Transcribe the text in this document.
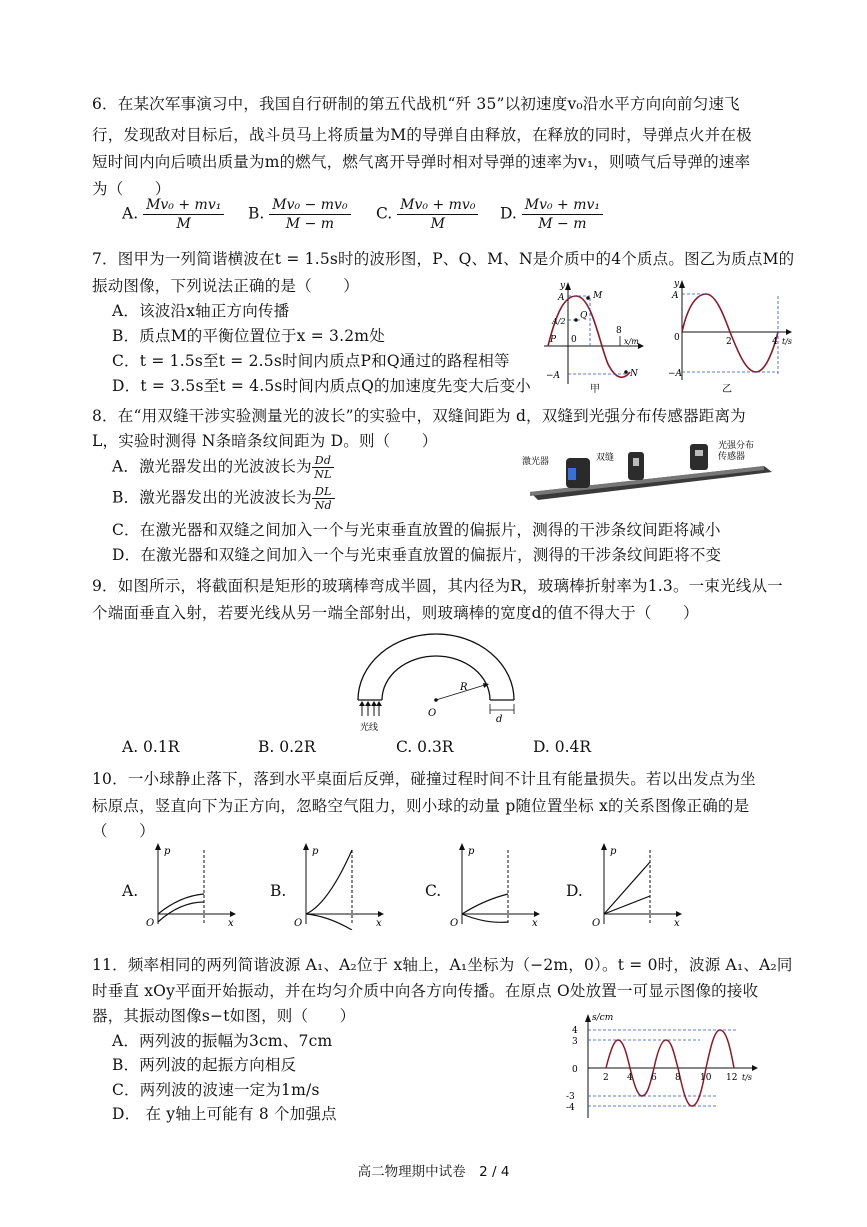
6．在某次军事演习中，我国自行研制的第五代战机“歼 35”以初速度v₀沿水平方向向前匀速飞
行，发现敌对目标后，战斗员马上将质量为M的导弹自由释放，在释放的同时，导弹点火并在极
短时间内向后喷出质量为m的燃气，燃气离开导弹时相对导弹的速率为v₁，则喷气后导弹的速率
为（　　）
A. $\frac{\text{Mv₀ + mv₁}}{M} B$. $\frac{\text{Mv₀ − mv₀}}{M - m} C$. $\frac{\text{Mv₀ + mv₀}}{M} D$. $\frac{\text{Mv₀ + mv₁}}{M - m}$
7．图甲为一列简谐横波在t = 1.5s时的波形图，P、Q、M、N是介质中的4个质点。图乙为质点M的
振动图像，下列说法正确的是（　　）
A．该波沿x轴正方向传播
B．质点M的平衡位置位于x = 3.2m处
C．t = 1.5s至t = 2.5s时间内质点P和Q通过的路程相等
D．t = 3.5s至t = 4.5s时间内质点Q的加速度先变大后变小
y
A
A/2
−A
0
8
x/m
P
Q
M
N
甲
y
A
−A
0	2	4 t/s
乙
8．在“用双缝干涉实验测量光的波长”的实验中，双缝间距为 d，双缝到光强分布传感器距离为
L，实验时测得 N条暗条纹间距为 D。则（　　）
A．激光器发出的光波波长为 $\frac{Dd}{NL}$
B．激光器发出的光波波长为 $\frac{DL}{Nd}$
C．在激光器和双缝之间加入一个与光束垂直放置的偏振片，测得的干涉条纹间距将减小
D．在激光器和双缝之间加入一个与光束垂直放置的偏振片，测得的干涉条纹间距将不变
激光器	双缝
光强分布
传感器
9．如图所示，将截面积是矩形的玻璃棒弯成半圆，其内径为R，玻璃棒折射率为1.3。一束光线从一
个端面垂直入射，若要光线从另一端全部射出，则玻璃棒的宽度d的值不得大于（　　）
O
R
d
光线
A. 0.1R	B. 0.2R	C. 0.3R	D. 0.4R
10．一小球静止落下，落到水平桌面后反弹，碰撞过程时间不计且有能量损失。若以出发点为坐
标原点，竖直向下为正方向，忽略空气阻力，则小球的动量 p随位置坐标 x的关系图像正确的是
（　　）
A.
p
O	x
B.
p
O	x
C.
p
O	x
D.
p
O	x
11．频率相同的两列简谐波源 A₁、A₂位于 x轴上，A₁坐标为（−2m，0）。t = 0时，波源 A₁、A₂同
时垂直 xOy平面开始振动，并在均匀介质中向各方向传播。在原点 O处放置一可显示图像的接收
器，其振动图像s−t如图，则（　　）
A．两列波的振幅为3cm、7cm
B．两列波的起振方向相反
C．两列波的波速一定为1m/s
D． 在 y轴上可能有 8 个加强点
s/cm
4
3
0
-3
-4
2 4 6 8 10 12 t/s
高二物理期中试卷　2 / 4
